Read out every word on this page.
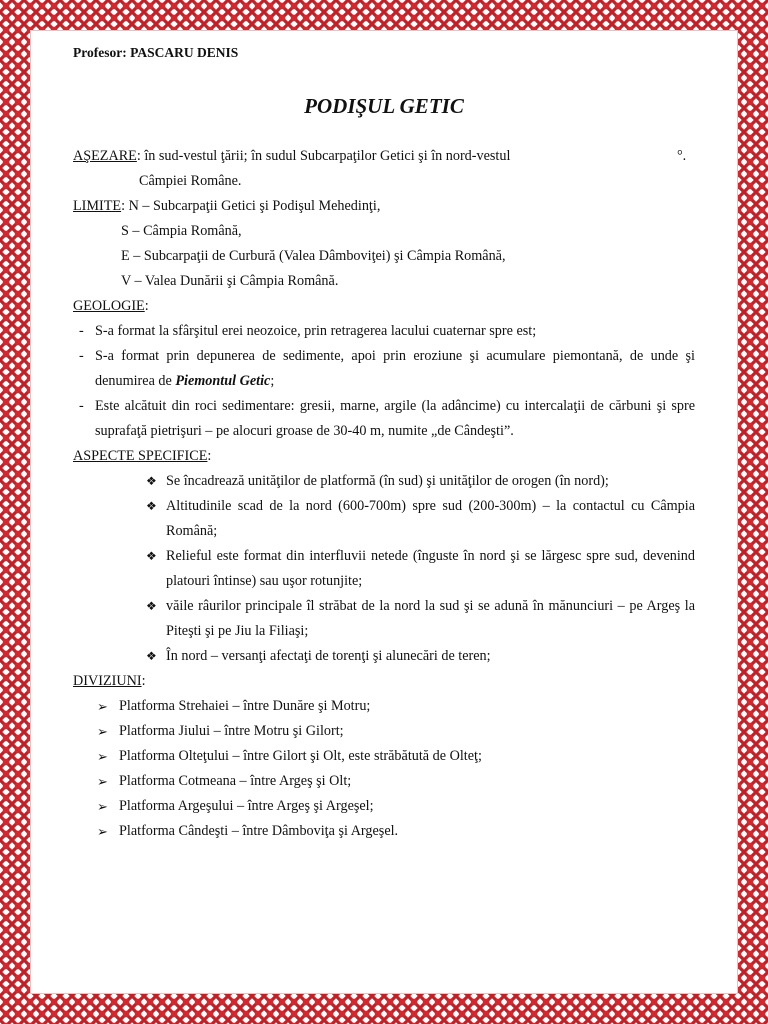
Profesor: PASCARU DENIS
PODIŞUL GETIC

AŞEZARE: în sud-vestul ţării; în sudul Subcarpaţilor Getici şi în nord-vestul	°.

Câmpiei Române.

LIMITE: N – Subcarpaţii Getici şi Podişul Mehedinţi,

S – Câmpia Română,

E – Subcarpaţii de Curbură (Valea Dâmboviţei) şi Câmpia Română,

V – Valea Dunării şi Câmpia Română.

GEOLOGIE:

- S-a format la sfârşitul erei neozoice, prin retragerea lacului cuaternar spre est;
- S-a format prin depunerea de sedimente, apoi prin eroziune şi acumulare piemontană, de unde şi denumirea de Piemontul Getic;
- Este alcătuit din roci sedimentare: gresii, marne, argile (la adâncime) cu intercalaţii de cărbuni şi spre suprafaţă pietrişuri – pe alocuri groase de 30-40 m, numite „de Cândeşti”.

ASPECTE SPECIFICE:

❖ Se încadrează unităţilor de platformă (în sud) şi unităţilor de orogen (în nord);
❖ Altitudinile scad de la nord (600-700m) spre sud (200-300m) – la contactul cu Câmpia Română;
❖ Relieful este format din interfluvii netede (înguste în nord şi se lărgesc spre sud, devenind platouri întinse) sau uşor rotunjite;
❖ văile râurilor principale îl străbat de la nord la sud şi se adună în mănunciuri – pe Argeş la Piteşti şi pe Jiu la Filiaşi;
❖ În nord – versanţi afectaţi de torenţi şi alunecări de teren;

DIVIZIUNI:

➢ Platforma Strehaiei – între Dunăre şi Motru;
➢ Platforma Jiului – între Motru şi Gilort;
➢ Platforma Olteţului – între Gilort şi Olt, este străbătută de Olteţ;
➢ Platforma Cotmeana – între Argeş şi Olt;
➢ Platforma Argeşului – între Argeş şi Argeşel;
➢ Platforma Cândeşti – între Dâmboviţa şi Argeşel.
